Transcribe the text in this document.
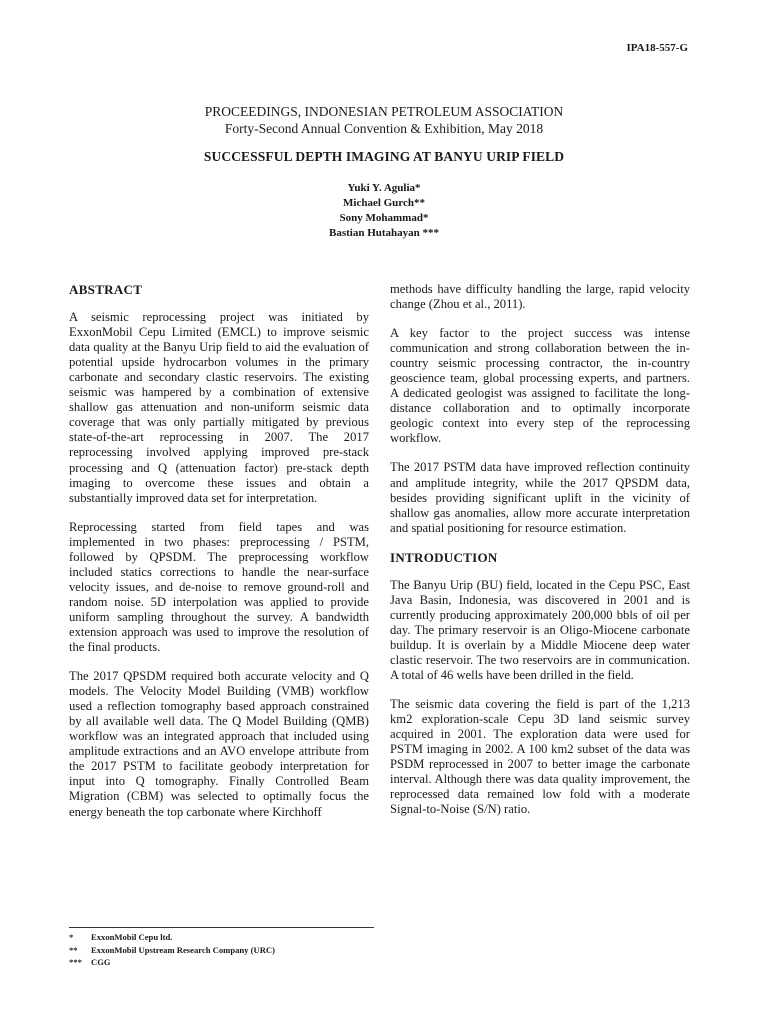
IPA18-557-G
PROCEEDINGS, INDONESIAN PETROLEUM ASSOCIATION
Forty-Second Annual Convention & Exhibition, May 2018
SUCCESSFUL DEPTH IMAGING AT BANYU URIP FIELD
Yuki Y. Agulia*
Michael Gurch**
Sony Mohammad*
Bastian Hutahayan ***
ABSTRACT

A seismic reprocessing project was initiated by ExxonMobil Cepu Limited (EMCL) to improve seismic data quality at the Banyu Urip field to aid the evaluation of potential upside hydrocarbon volumes in the primary carbonate and secondary clastic reservoirs. The existing seismic was hampered by a combination of extensive shallow gas attenuation and non-uniform seismic data coverage that was only partially mitigated by previous state-of-the-art reprocessing in 2007. The 2017 reprocessing involved applying improved pre-stack processing and Q (attenuation factor) pre-stack depth imaging to overcome these issues and obtain a substantially improved data set for interpretation.

Reprocessing started from field tapes and was implemented in two phases: preprocessing / PSTM, followed by QPSDM. The preprocessing workflow included statics corrections to handle the near-surface velocity issues, and de-noise to remove ground-roll and random noise. 5D interpolation was applied to provide uniform sampling throughout the survey. A bandwidth extension approach was used to improve the resolution of the final products.

The 2017 QPSDM required both accurate velocity and Q models. The Velocity Model Building (VMB) workflow used a reflection tomography based approach constrained by all available well data. The Q Model Building (QMB) workflow was an integrated approach that included using amplitude extractions and an AVO envelope attribute from the 2017 PSTM to facilitate geobody interpretation for input into Q tomography. Finally Controlled Beam Migration (CBM) was selected to optimally focus the energy beneath the top carbonate where Kirchhoff

methods have difficulty handling the large, rapid velocity change (Zhou et al., 2011).

A key factor to the project success was intense communication and strong collaboration between the in-country seismic processing contractor, the in-country geoscience team, global processing experts, and partners. A dedicated geologist was assigned to facilitate the long-distance collaboration and to optimally incorporate geologic context into every step of the reprocessing workflow.

The 2017 PSTM data have improved reflection continuity and amplitude integrity, while the 2017 QPSDM data, besides providing significant uplift in the vicinity of shallow gas anomalies, allow more accurate interpretation and spatial positioning for resource estimation.

INTRODUCTION

The Banyu Urip (BU) field, located in the Cepu PSC, East Java Basin, Indonesia, was discovered in 2001 and is currently producing approximately 200,000 bbls of oil per day. The primary reservoir is an Oligo-Miocene carbonate buildup. It is overlain by a Middle Miocene deep water clastic reservoir. The two reservoirs are in communication. A total of 46 wells have been drilled in the field.

The seismic data covering the field is part of the 1,213 km2 exploration-scale Cepu 3D land seismic survey acquired in 2001. The exploration data were used for PSTM imaging in 2002. A 100 km2 subset of the data was PSDM reprocessed in 2007 to better image the carbonate interval. Although there was data quality improvement, the reprocessed data remained low fold with a moderate Signal-to-Noise (S/N) ratio.

*	ExxonMobil Cepu ltd.
**	ExxonMobil Upstream Research Company (URC)
***	CGG
